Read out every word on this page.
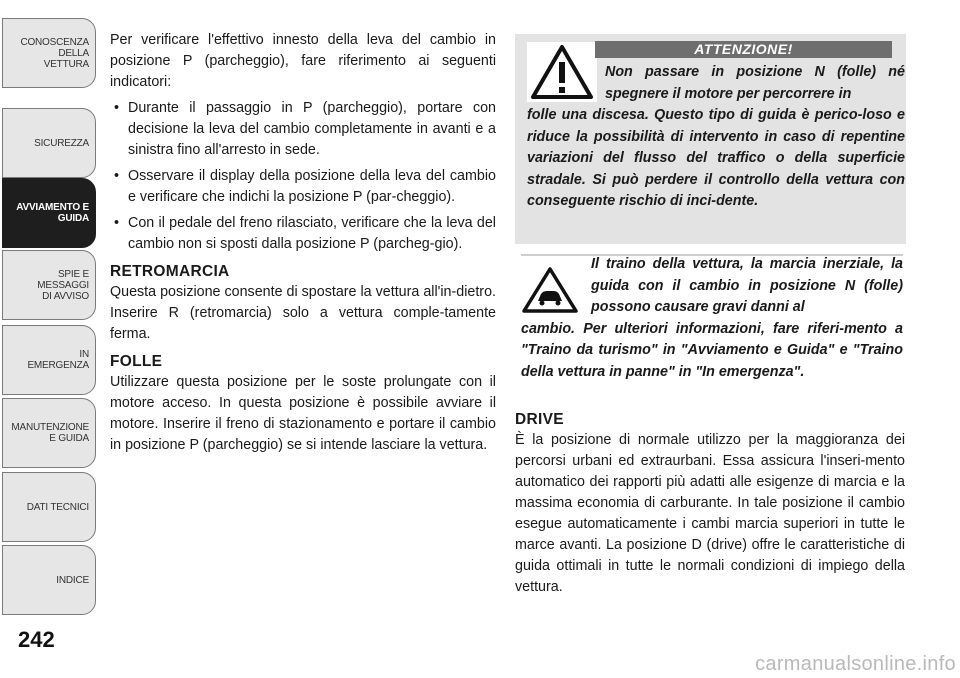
CONOSCENZA DELLA
VETTURA
SICUREZZA
AVVIAMENTO E
GUIDA
SPIE E
MESSAGGI
DI AVVISO
IN
EMERGENZA
MANUTENZIONE
E GUIDA
DATI TECNICI
INDICE
242

Per verificare l'effettivo innesto della leva del cambio in posizione P (parcheggio), fare riferimento ai seguenti indicatori:

• Durante il passaggio in P (parcheggio), portare con decisione la leva del cambio completamente in avanti e a sinistra fino all'arresto in sede.
• Osservare il display della posizione della leva del cambio e verificare che indichi la posizione P (par-cheggio).
• Con il pedale del freno rilasciato, verificare che la leva del cambio non si sposti dalla posizione P (parcheg-gio).
RETROMARCIA

Questa posizione consente di spostare la vettura all'in-dietro. Inserire R (retromarcia) solo a vettura comple-tamente ferma.

FOLLE

Utilizzare questa posizione per le soste prolungate con il motore acceso. In questa posizione è possibile avviare il motore. Inserire il freno di stazionamento e portare il cambio in posizione P (parcheggio) se si intende lasciare la vettura.

ATTENZIONE!
Non passare in posizione N (folle) né spegnere il motore per percorrere in
folle una discesa. Questo tipo di guida è perico-loso e riduce la possibilità di intervento in caso di repentine variazioni del flusso del traffico o della superficie stradale. Si può perdere il controllo della vettura con conseguente rischio di inci-dente.
Il traino della vettura, la marcia inerziale, la guida con il cambio in posizione N (folle) possono causare gravi danni al
cambio. Per ulteriori informazioni, fare riferi-mento a "Traino da turismo" in "Avviamento e Guida" e "Traino della vettura in panne" in "In emergenza".
DRIVE

È la posizione di normale utilizzo per la maggioranza dei percorsi urbani ed extraurbani. Essa assicura l'inseri-mento automatico dei rapporti più adatti alle esigenze di marcia e la massima economia di carburante. In tale posizione il cambio esegue automaticamente i cambi marcia superiori in tutte le marce avanti. La posizione D (drive) offre le caratteristiche di guida ottimali in tutte le normali condizioni di impiego della vettura.

carmanualsonline.info
